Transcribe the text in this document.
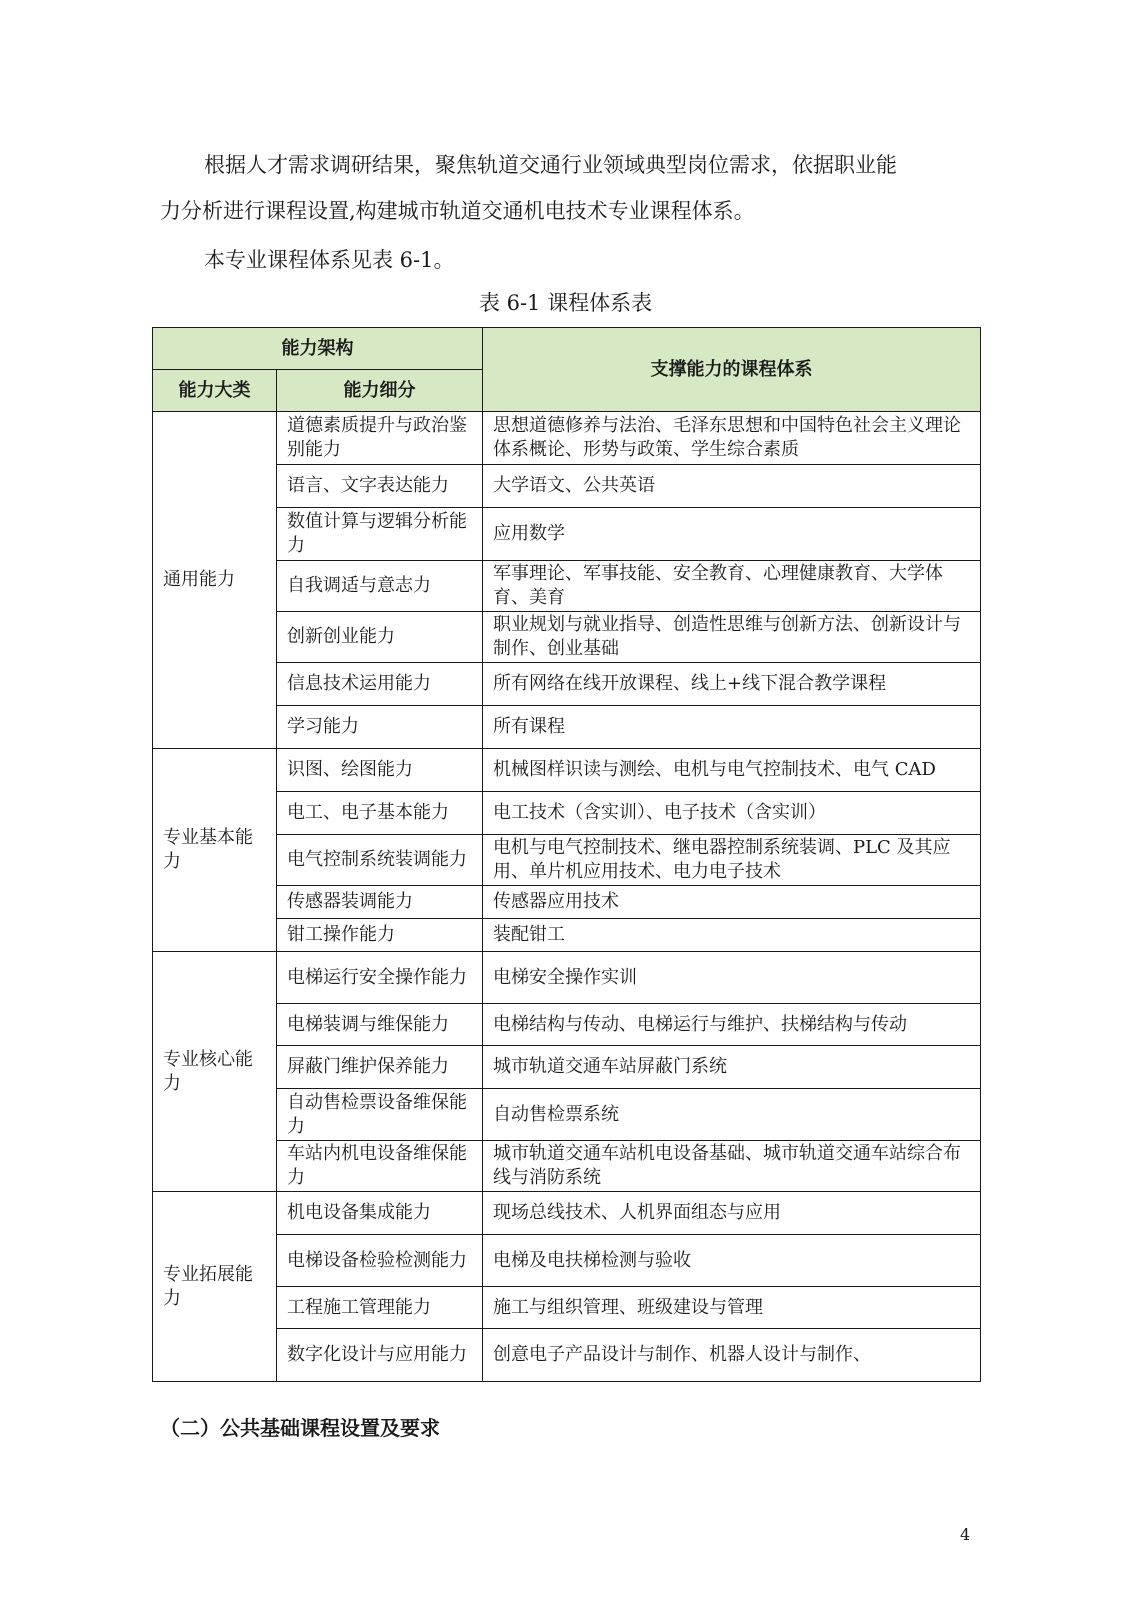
根据人才需求调研结果，聚焦轨道交通行业领域典型岗位需求，依据职业能

力分析进行课程设置,构建城市轨道交通机电技术专业课程体系。

本专业课程体系见表 6-1。

表 6-1 课程体系表
能力架构		支撑能力的课程体系
能力大类	能力细分	
通用能力	道德素质提升与政治鉴别能力	思想道德修养与法治、毛泽东思想和中国特色社会主义理论体系概论、形势与政策、学生综合素质
	语言、文字表达能力	大学语文、公共英语
	数值计算与逻辑分析能力	应用数学
	自我调适与意志力	军事理论、军事技能、安全教育、心理健康教育、大学体育、美育
	创新创业能力	职业规划与就业指导、创造性思维与创新方法、创新设计与制作、创业基础
	信息技术运用能力	所有网络在线开放课程、线上+线下混合教学课程
	学习能力	所有课程
专业基本能力	识图、绘图能力	机械图样识读与测绘、电机与电气控制技术、电气 CAD
	电工、电子基本能力	电工技术（含实训）、电子技术（含实训）
	电气控制系统装调能力	电机与电气控制技术、继电器控制系统装调、PLC 及其应用、单片机应用技术、电力电子技术
	传感器装调能力	传感器应用技术
	钳工操作能力	装配钳工
专业核心能力	电梯运行安全操作能力	电梯安全操作实训
	电梯装调与维保能力	电梯结构与传动、电梯运行与维护、扶梯结构与传动
	屏蔽门维护保养能力	城市轨道交通车站屏蔽门系统
	自动售检票设备维保能力	自动售检票系统
	车站内机电设备维保能力	城市轨道交通车站机电设备基础、城市轨道交通车站综合布线与消防系统
专业拓展能力	机电设备集成能力	现场总线技术、人机界面组态与应用
	电梯设备检验检测能力	电梯及电扶梯检测与验收
	工程施工管理能力	施工与组织管理、班级建设与管理
	数字化设计与应用能力	创意电子产品设计与制作、机器人设计与制作、
（二）公共基础课程设置及要求
4
